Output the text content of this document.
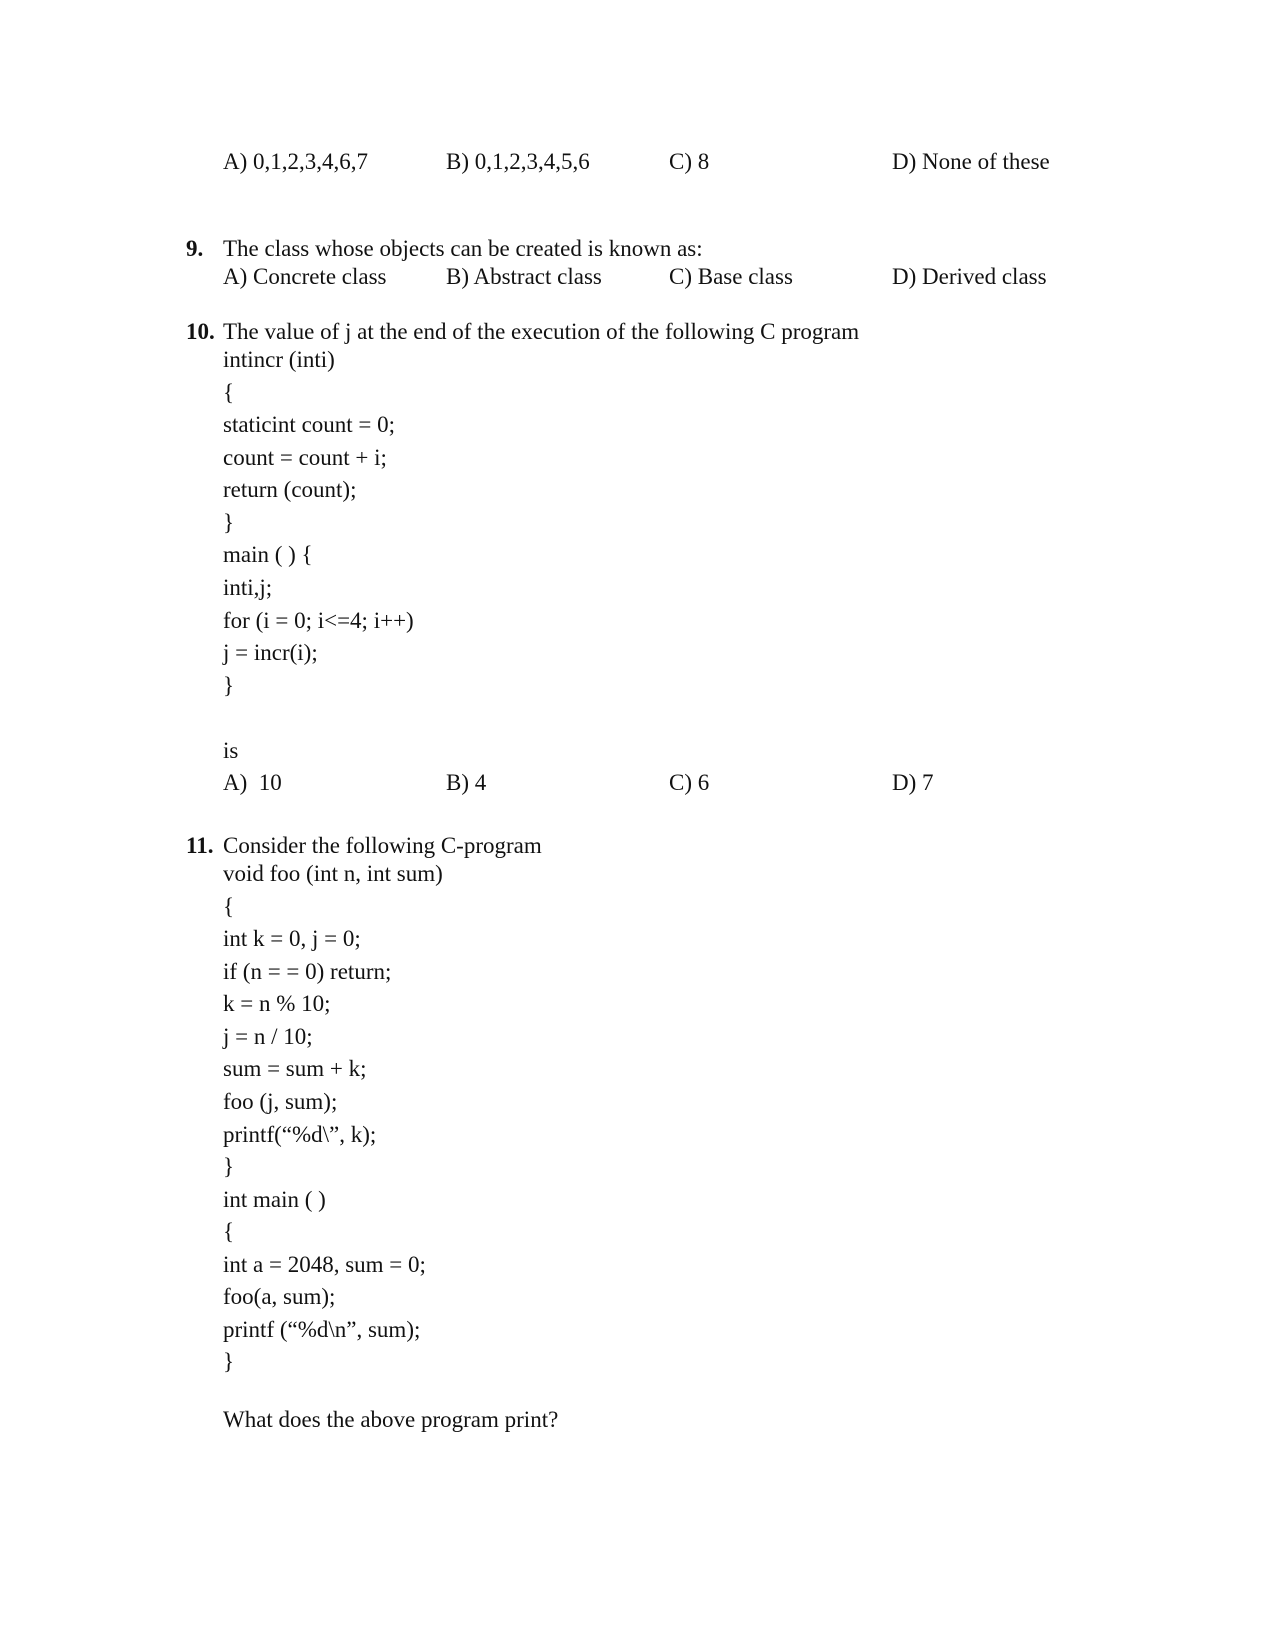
A) 0,1,2,3,4,6,7	B) 0,1,2,3,4,5,6	C) 8	D) None of these
9. The class whose objects can be created is known as:
A) Concrete class	B) Abstract class	C) Base class	D) Derived class
10. The value of j at the end of the execution of the following C program
intincr (inti)
{
staticint count = 0;
count = count + i;
return (count);
}
main ( ) {
inti,j;
for (i = 0; i<=4; i++)
j = incr(i);
}
is
A)  10	B) 4	C) 6	D) 7
11. Consider the following C-program
void foo (int n, int sum)
{
int k = 0, j = 0;
if (n = = 0) return;
k = n % 10;
j = n / 10;
sum = sum + k;
foo (j, sum);
printf(“%d\”, k);
}
int main ( )
{
int a = 2048, sum = 0;
foo(a, sum);
printf (“%d\n”, sum);
}
What does the above program print?
